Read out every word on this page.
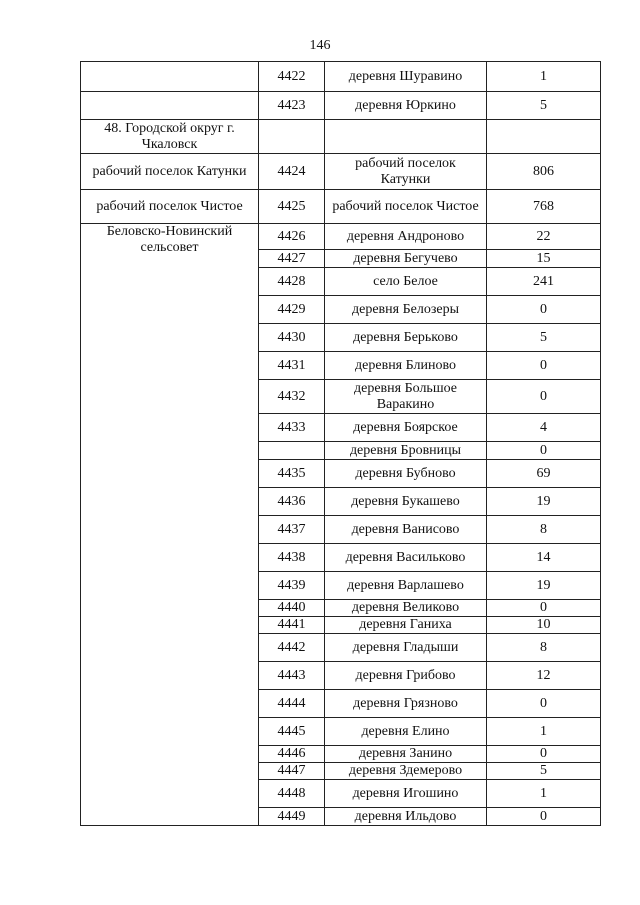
146
	4422	деревня Шуравино	1
	4423	деревня Юркино	5
48. Городской округ г. Чкаловск			
рабочий поселок Катунки	4424	рабочий поселок Катунки	806
рабочий поселок Чистое	4425	рабочий поселок Чистое	768
Беловско-Новинский сельсовет	4426	деревня Андроново	22
	4427	деревня Бегучево	15
	4428	село Белое	241
	4429	деревня Белозеры	0
	4430	деревня Берьково	5
	4431	деревня Блиново	0
	4432	деревня Большое Варакино	0
	4433	деревня Боярское	4
		деревня Бровницы	0
	4435	деревня Бубново	69
	4436	деревня Букашево	19
	4437	деревня Ванисово	8
	4438	деревня Васильково	14
	4439	деревня Варлашево	19
	4440	деревня Великово	0
	4441	деревня Ганиха	10
	4442	деревня Гладыши	8
	4443	деревня Грибово	12
	4444	деревня Грязново	0
	4445	деревня Елино	1
	4446	деревня Занино	0
	4447	деревня Здемерово	5
	4448	деревня Игошино	1
	4449	деревня Ильдово	0
